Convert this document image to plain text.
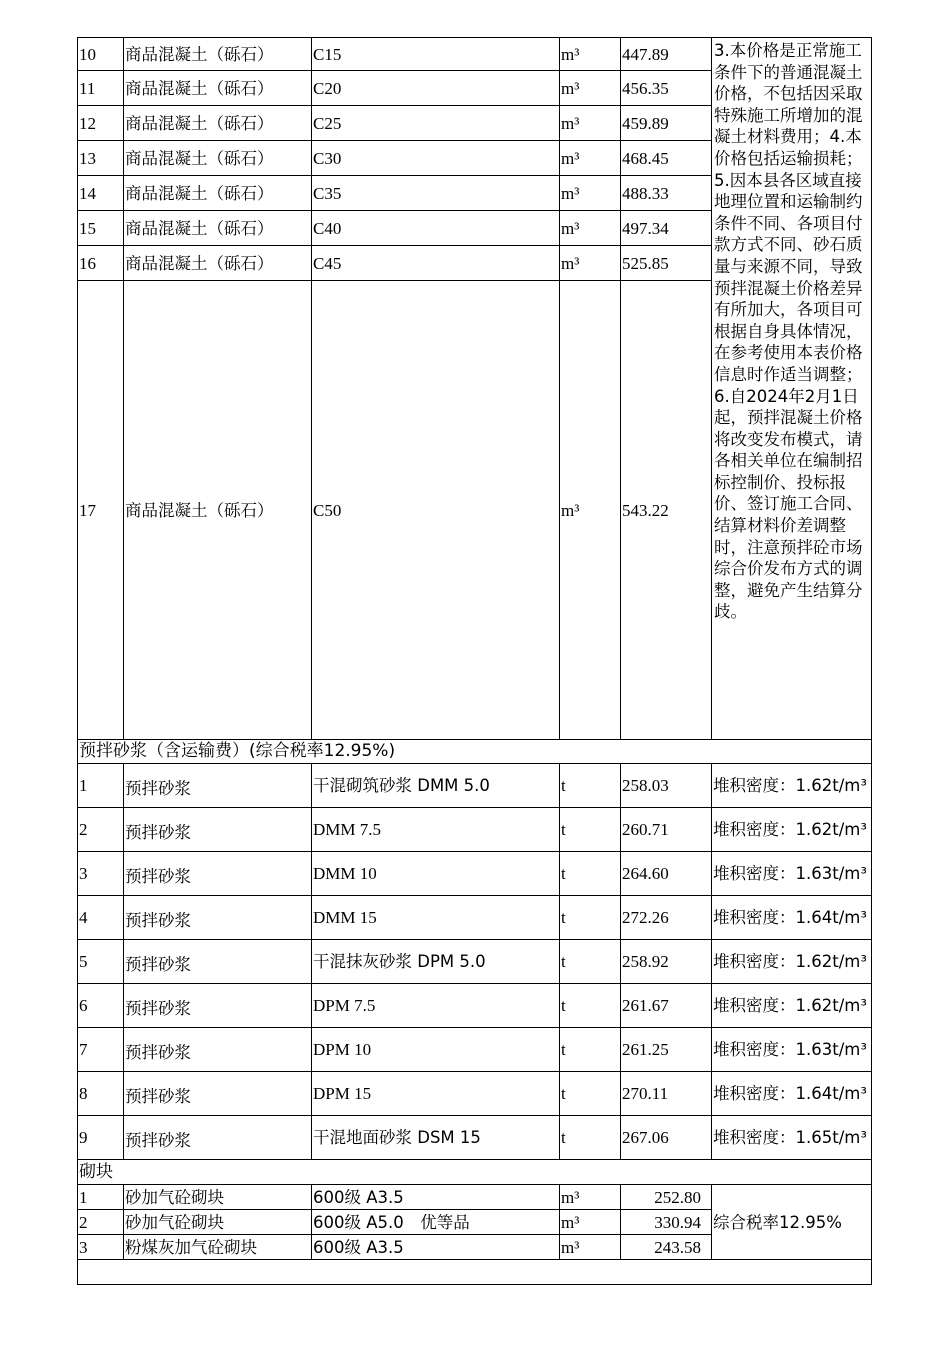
10	商品混凝土（砾石）	C15	m³	447.89	3.本价格是正常施工条件下的普通混凝土价格，不包括因采取特殊施工所增加的混凝土材料费用；4.本价格包括运输损耗；5.因本县各区域直接地理位置和运输制约条件不同、各项目付款方式不同、砂石质量与来源不同，导致预拌混凝土价格差异有所加大，各项目可根据自身具体情况，在参考使用本表价格信息时作适当调整；6.自2024年2月1日起，预拌混凝土价格将改变发布模式，请各相关单位在编制招标控制价、投标报价、签订施工合同、结算材料价差调整时，注意预拌砼市场综合价发布方式的调整，避免产生结算分歧。
11	商品混凝土（砾石）	C20	m³	456.35	
12	商品混凝土（砾石）	C25	m³	459.89	
13	商品混凝土（砾石）	C30	m³	468.45	
14	商品混凝土（砾石）	C35	m³	488.33	
15	商品混凝土（砾石）	C40	m³	497.34	
16	商品混凝土（砾石）	C45	m³	525.85	
17	商品混凝土（砾石）	C50	m³	543.22	
预拌砂浆（含运输费）(综合税率12.95%)					
1	预拌砂浆	干混砌筑砂浆 DMM 5.0	t	258.03	堆积密度：1.62t/m³
2	预拌砂浆	DMM 7.5	t	260.71	堆积密度：1.62t/m³
3	预拌砂浆	DMM 10	t	264.60	堆积密度：1.63t/m³
4	预拌砂浆	DMM 15	t	272.26	堆积密度：1.64t/m³
5	预拌砂浆	干混抹灰砂浆 DPM 5.0	t	258.92	堆积密度：1.62t/m³
6	预拌砂浆	DPM 7.5	t	261.67	堆积密度：1.62t/m³
7	预拌砂浆	DPM 10	t	261.25	堆积密度：1.63t/m³
8	预拌砂浆	DPM 15	t	270.11	堆积密度：1.64t/m³
9	预拌砂浆	干混地面砂浆 DSM 15	t	267.06	堆积密度：1.65t/m³
砌块					
1	砂加气砼砌块	600级 A3.5	m³	252.80	综合税率12.95%
2	砂加气砼砌块	600级 A5.0　优等品	m³	330.94	
3	粉煤灰加气砼砌块	600级 A3.5	m³	243.58	
